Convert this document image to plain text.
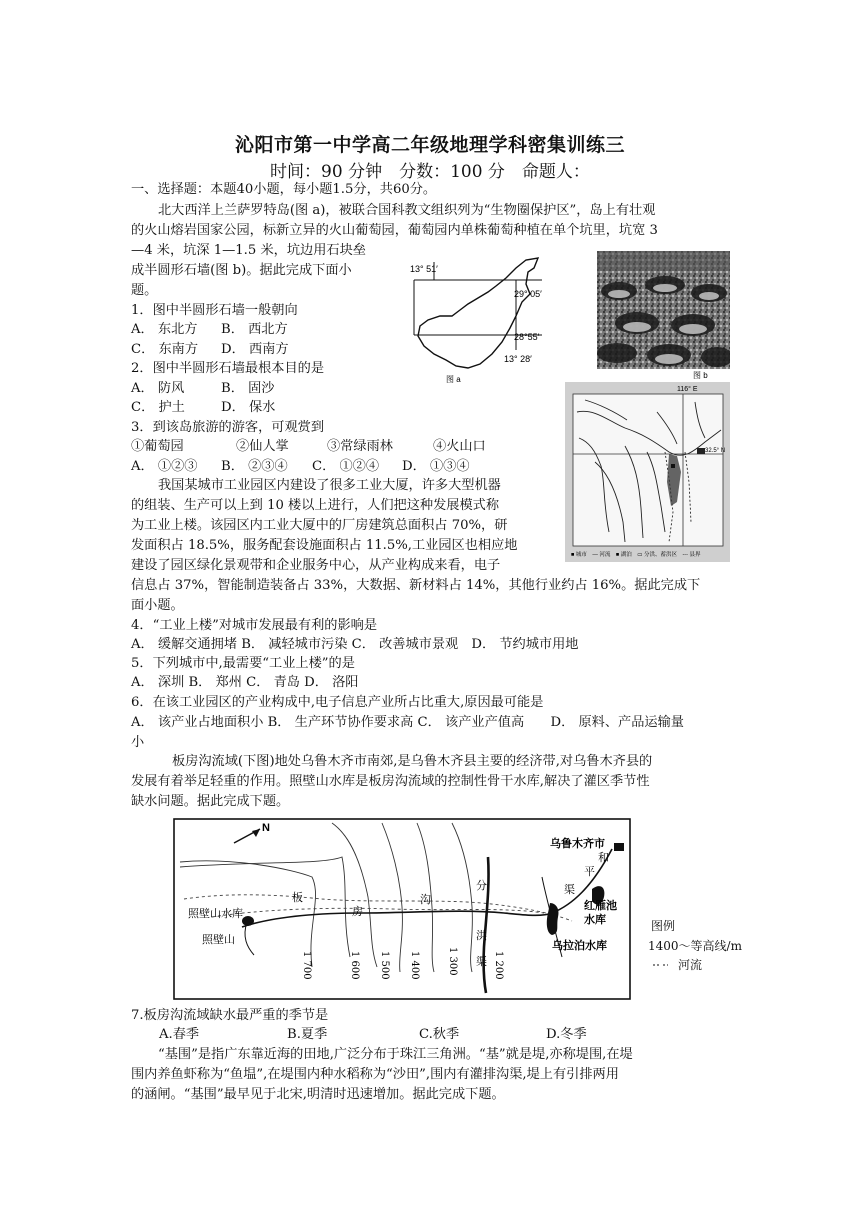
沁阳市第一中学高二年级地理学科密集训练三
时间：90 分钟　分数：100 分　命题人：
一、选择题：本题40小题，每小题1.5分，共60分。
北大西洋上兰萨罗特岛(图 a)，被联合国科教文组织列为“生物圈保护区”，岛上有壮观
的火山熔岩国家公园，标新立异的火山葡萄园，葡萄园内单株葡萄种植在单个坑里，坑宽 3
—4 米，坑深 1—1.5 米，坑边用石块垒
成半圆形石墙(图 b)。据此完成下面小
题。
1．图中半圆形石墙一般朝向
A． 东北方 B． 西北方
C． 东南方 D． 西南方
2．图中半圆形石墙最根本目的是
A． 防风	B． 固沙
C． 护土	D． 保水
3．到该岛旅游的游客，可观赏到
①葡萄园	②仙人掌	③常绿雨林	④火山口
A． ①②③ B． ②③④ C． ①②④ D． ①③④
我国某城市工业园区内建设了很多工业大厦，许多大型机器
的组装、生产可以上到 10 楼以上进行，人们把这种发展模式称
为工业上楼。该园区内工业大厦中的厂房建筑总面积占 70%，研
发面积占 18.5%，服务配套设施面积占 11.5%,工业园区也相应地
建设了园区绿化景观带和企业服务中心，从产业构成来看，电子
信息占 37%，智能制造装备占 33%，大数据、新材料占 14%，其他行业约占 16%。据此完成下
面小题。
4．“工业上楼”对城市发展最有利的影响是
A． 缓解交通拥堵 B． 减轻城市污染 C． 改善城市景观　D． 节约城市用地
5．下列城市中,最需要“工业上楼”的是
A． 深圳 B． 郑州 C． 青岛 D． 洛阳
6．在该工业园区的产业构成中,电子信息产业所占比重大,原因最可能是
A． 该产业占地面积小 B． 生产环节协作要求高 C． 该产业产值高　　D． 原料、产品运输量
小
板房沟流域(下图)地处乌鲁木齐市南郊,是乌鲁木齐县主要的经济带,对乌鲁木齐县的
发展有着举足轻重的作用。照壁山水库是板房沟流域的控制性骨干水库,解决了灌区季节性
缺水问题。据此完成下题。
13° 51′
29° 05′
28°55′
13° 28′
图 a	图 b
116° E
32.5° N
■ 城市　— 河流　■ 湖泊　▭ 分洪、蓄洪区　--- 县界
N
照壁山水库
照壁山
乌鲁木齐市
和
平
渠
红雁池
水库
乌拉泊水库
板
房
沟
分
洪
渠
1 700	1 600 1 500 1 400	1 300	1 200
图例
1400～等高线/m
河流
7.板房沟流域缺水最严重的季节是
A.春季	B.夏季	C.秋季	D.冬季
“基围”是指广东靠近海的田地,广泛分布于珠江三角洲。“基”就是堤,亦称堤围,在堤
围内养鱼虾称为“鱼塭”,在堤围内种水稻称为“沙田”,围内有灌排沟渠,堤上有引排两用
的涵闸。“基围”最早见于北宋,明清时迅速增加。据此完成下题。
